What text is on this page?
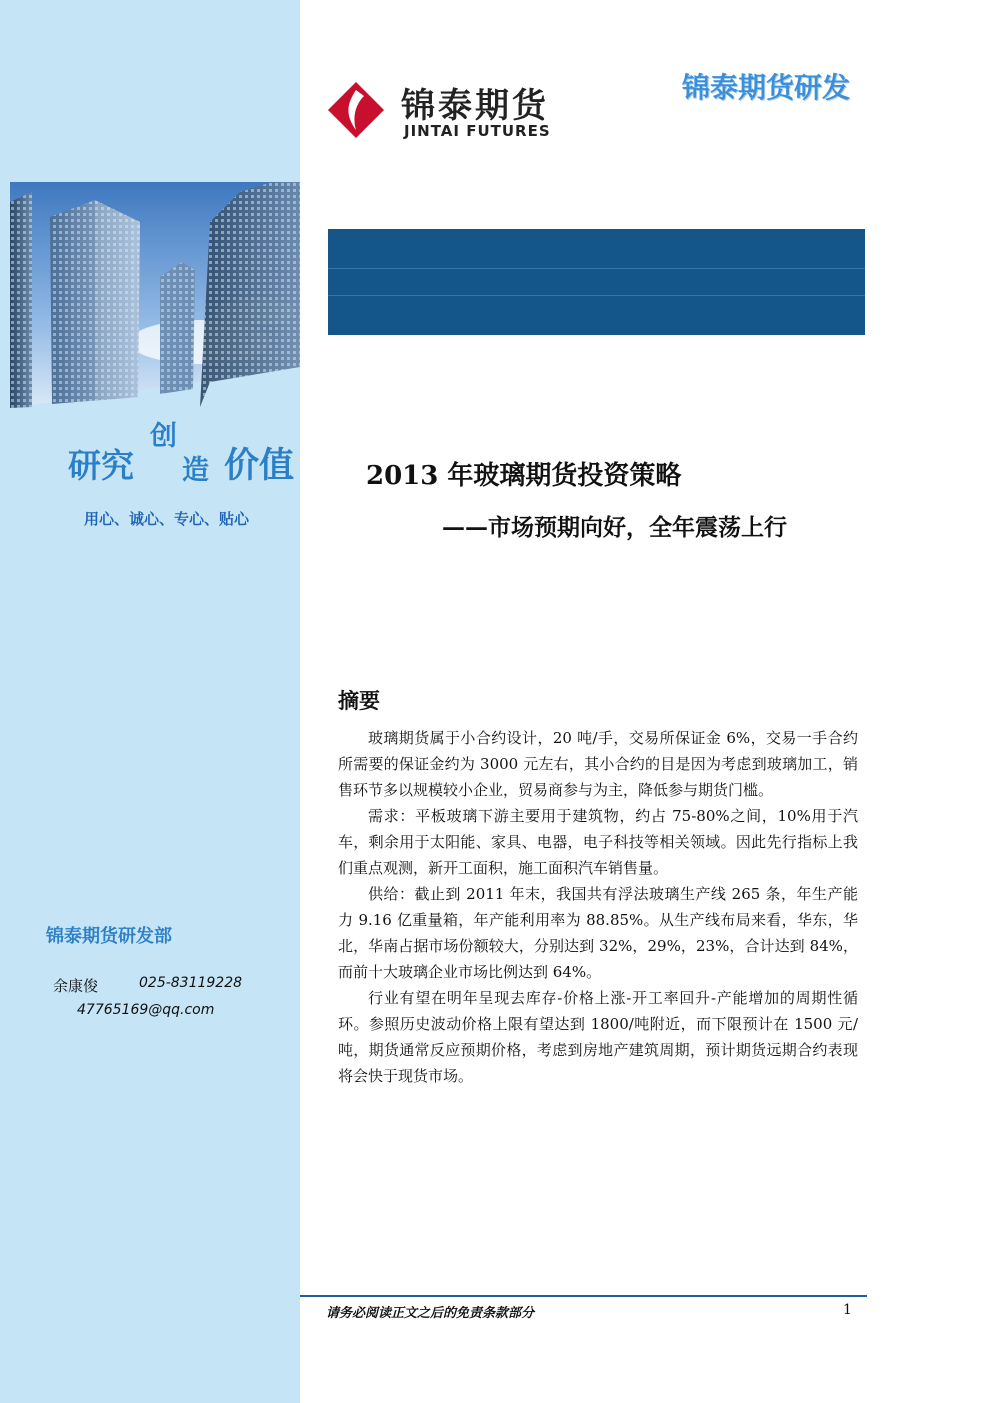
研究
创
造 价值
用心、诚心、专心、贴心
锦泰期货研发部
余康俊	025-83119228
47765169@qq.com
锦泰期货
JINTAI FUTURES
锦泰期货研发
2013 年玻璃期货投资策略
——市场预期向好，全年震荡上行
摘要

玻璃期货属于小合约设计，20 吨/手，交易所保证金 6%，交易一手合约所需要的保证金约为 3000 元左右，其小合约的目是因为考虑到玻璃加工，销售环节多以规模较小企业，贸易商参与为主，降低参与期货门槛。

需求：平板玻璃下游主要用于建筑物，约占 75-80%之间，10%用于汽车，剩余用于太阳能、家具、电器，电子科技等相关领域。因此先行指标上我们重点观测，新开工面积，施工面积汽车销售量。

供给：截止到 2011 年末，我国共有浮法玻璃生产线 265 条，年生产能力 9.16 亿重量箱，年产能利用率为 88.85%。从生产线布局来看，华东，华北，华南占据市场份额较大，分别达到 32%，29%，23%，合计达到 84%，而前十大玻璃企业市场比例达到 64%。

行业有望在明年呈现去库存-价格上涨-开工率回升-产能增加的周期性循环。参照历史波动价格上限有望达到 1800/吨附近，而下限预计在 1500 元/吨，期货通常反应预期价格，考虑到房地产建筑周期，预计期货远期合约表现将会快于现货市场。

请务必阅读正文之后的免责条款部分	1
